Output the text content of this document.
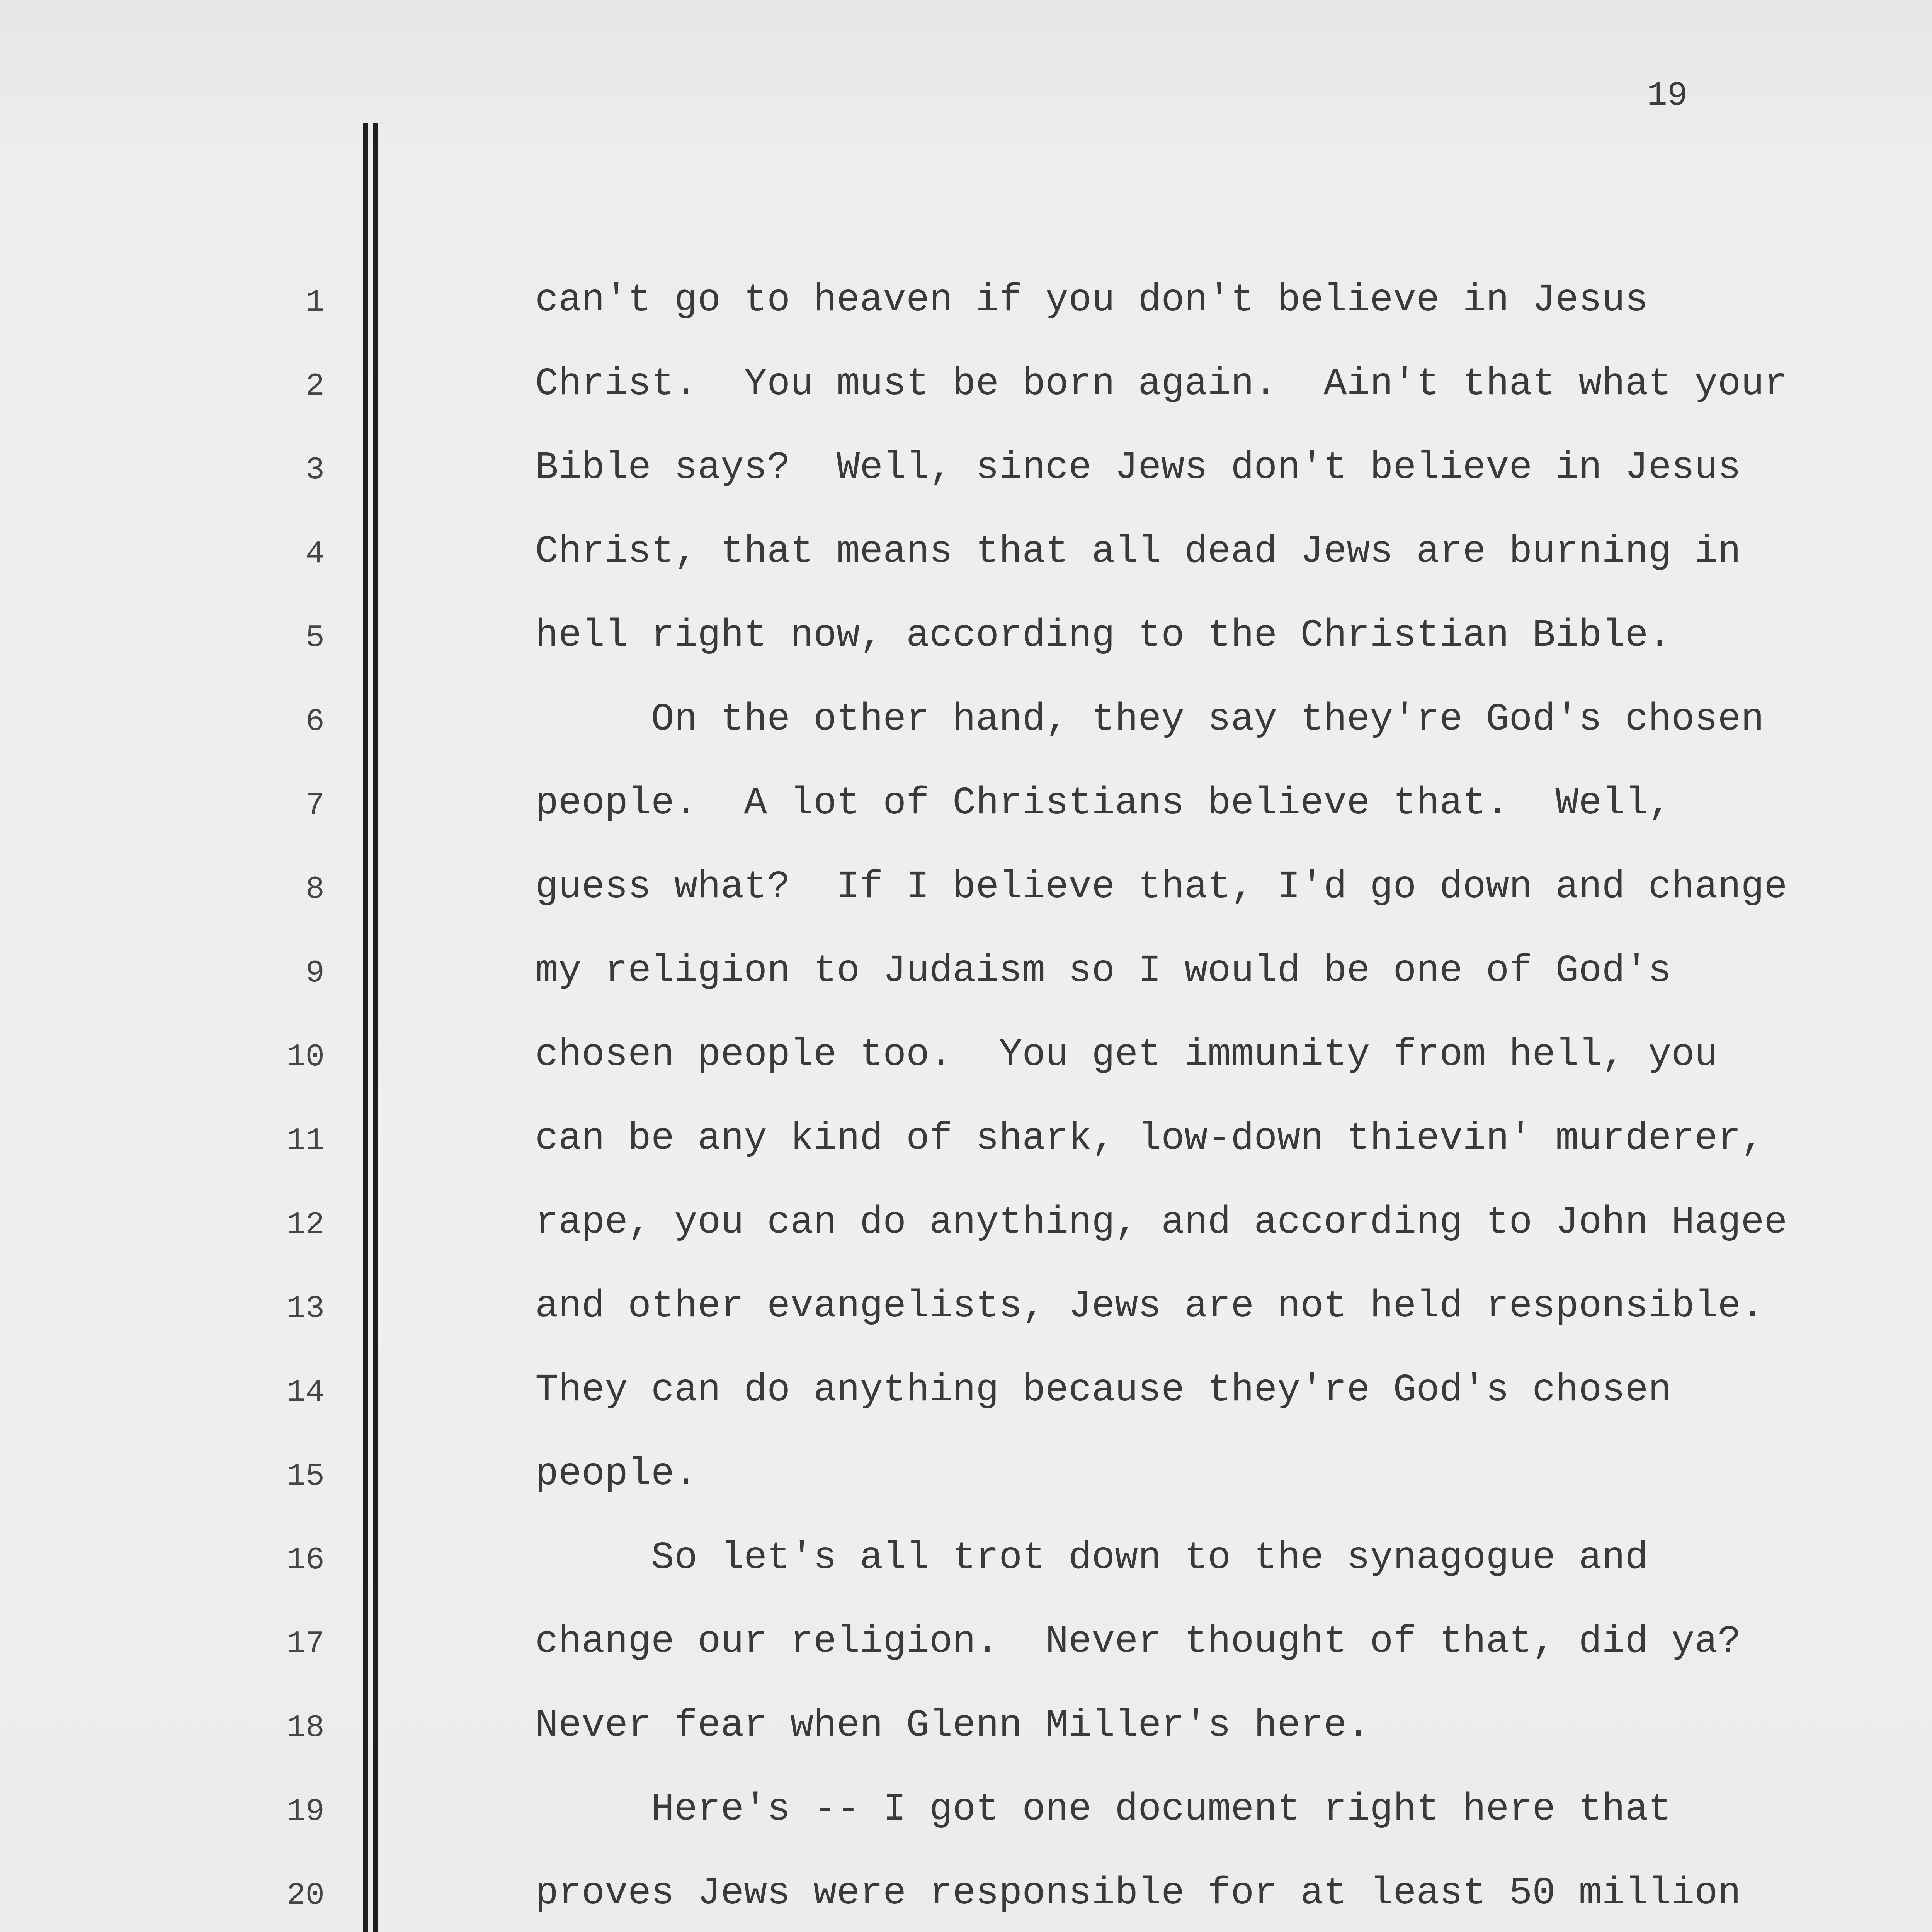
19
1
2
3
4
5
6
7
8
9
10
11
12
13
14
15
16
17
18
19
20
can't go to heaven if you don't believe in Jesus
Christ.  You must be born again.  Ain't that what your
Bible says?  Well, since Jews don't believe in Jesus
Christ, that means that all dead Jews are burning in
hell right now, according to the Christian Bible.
On the other hand, they say they're God's chosen
people.  A lot of Christians believe that.  Well,
guess what?  If I believe that, I'd go down and change
my religion to Judaism so I would be one of God's
chosen people too.  You get immunity from hell, you
can be any kind of shark, low-down thievin' murderer,
rape, you can do anything, and according to John Hagee
and other evangelists, Jews are not held responsible.
They can do anything because they're God's chosen
people.
So let's all trot down to the synagogue and
change our religion.  Never thought of that, did ya?
Never fear when Glenn Miller's here.
Here's -- I got one document right here that
proves Jews were responsible for at least 50 million
